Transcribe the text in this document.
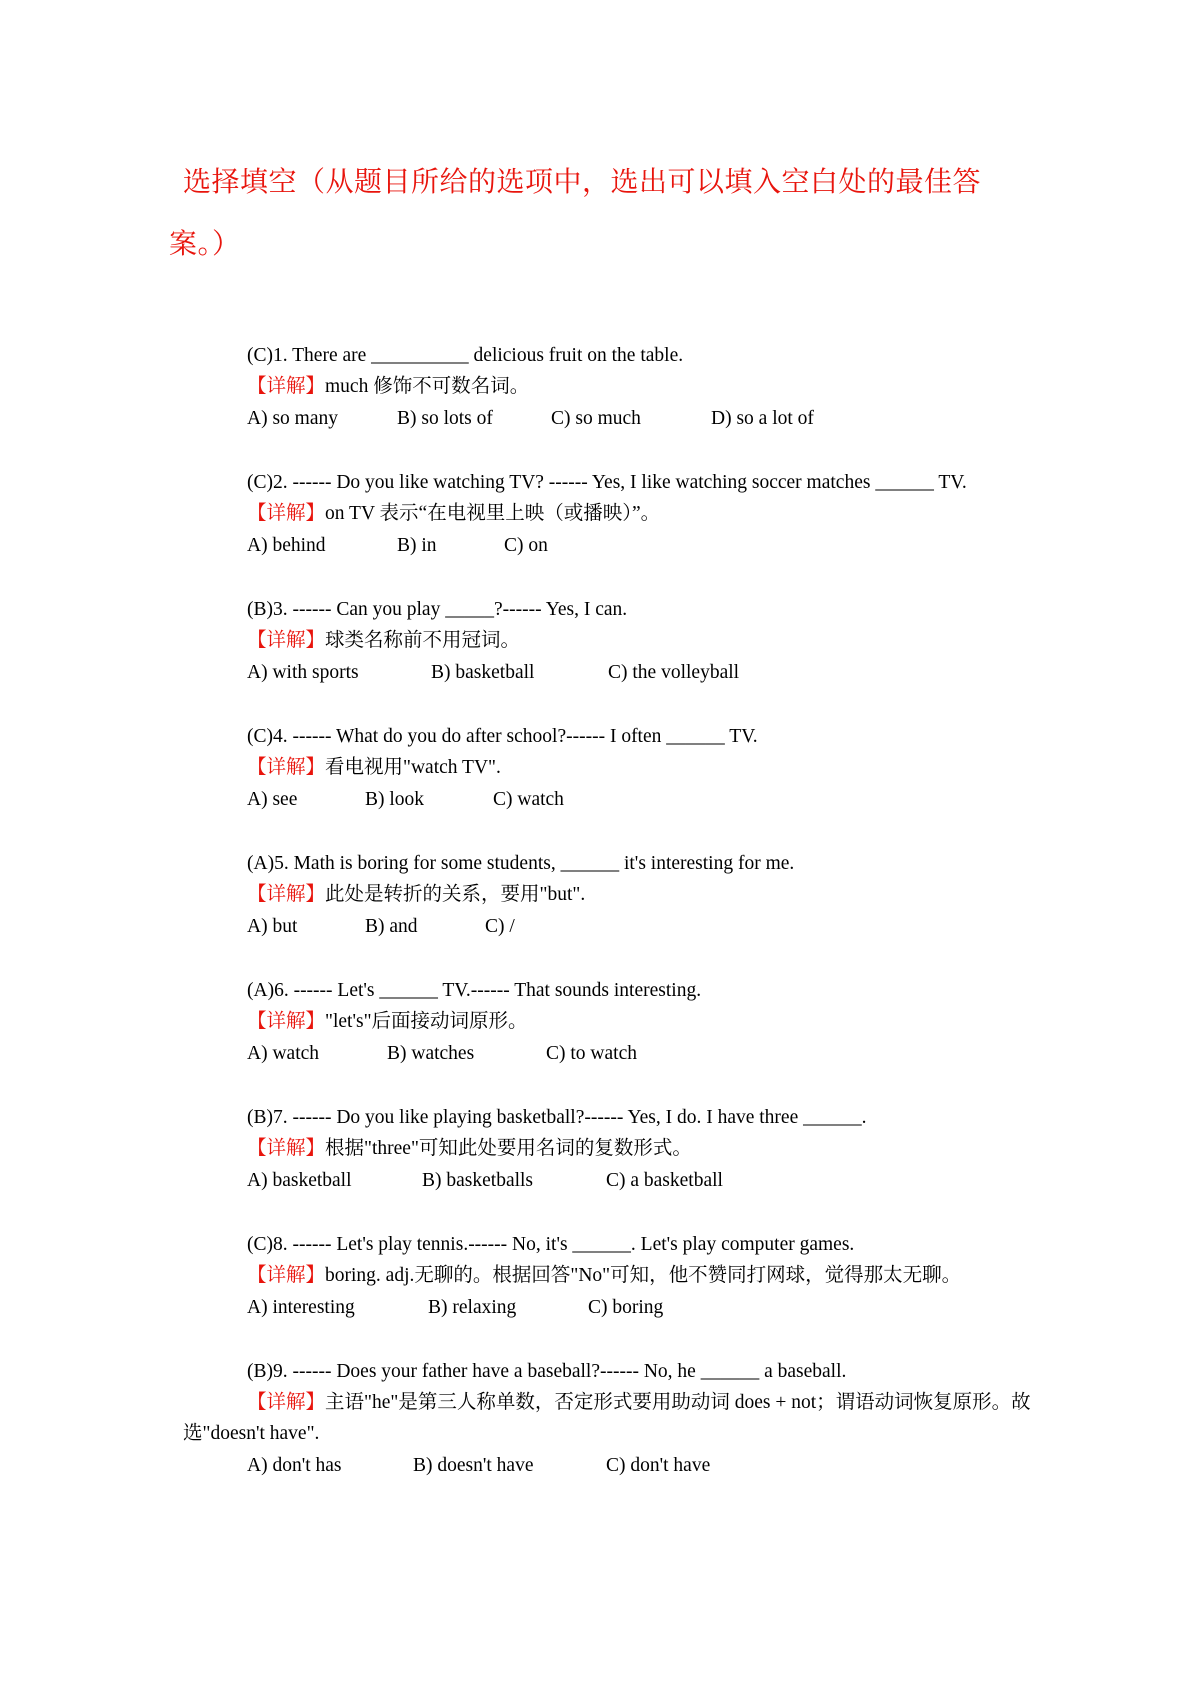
选择填空（从题目所给的选项中，选出可以填入空白处的最佳答案。）
(C)1. There are __________ delicious fruit on the table.
【详解】much 修饰不可数名词。
A) so many	B) so lots of	C) so much	D) so a lot of
(C)2. ------ Do you like watching TV? ------ Yes, I like watching soccer matches ______ TV.
【详解】on TV 表示“在电视里上映（或播映）”。
A) behind	B) in	C) on
(B)3. ------ Can you play _____?------ Yes, I can.
【详解】球类名称前不用冠词。
A) with sports	B) basketball	C) the volleyball
(C)4. ------ What do you do after school?------ I often ______ TV.
【详解】看电视用"watch TV".
A) see	B) look	C) watch
(A)5. Math is boring for some students, ______ it's interesting for me.
【详解】此处是转折的关系，要用"but".
A) but	B) and	C) /
(A)6. ------ Let's ______ TV.------ That sounds interesting.
【详解】"let's"后面接动词原形。
A) watch	B) watches	C) to watch
(B)7. ------ Do you like playing basketball?------ Yes, I do. I have three ______.
【详解】根据"three"可知此处要用名词的复数形式。
A) basketball	B) basketballs	C) a basketball
(C)8. ------ Let's play tennis.------ No, it's ______. Let's play computer games.
【详解】boring. adj.无聊的。根据回答"No"可知，他不赞同打网球，觉得那太无聊。
A) interesting	B) relaxing	C) boring
(B)9. ------ Does your father have a baseball?------ No, he ______ a baseball.
【详解】主语"he"是第三人称单数，否定形式要用助动词 does + not；谓语动词恢复原形。故选"doesn't have".
A) don't has	B) doesn't have	C) don't have
